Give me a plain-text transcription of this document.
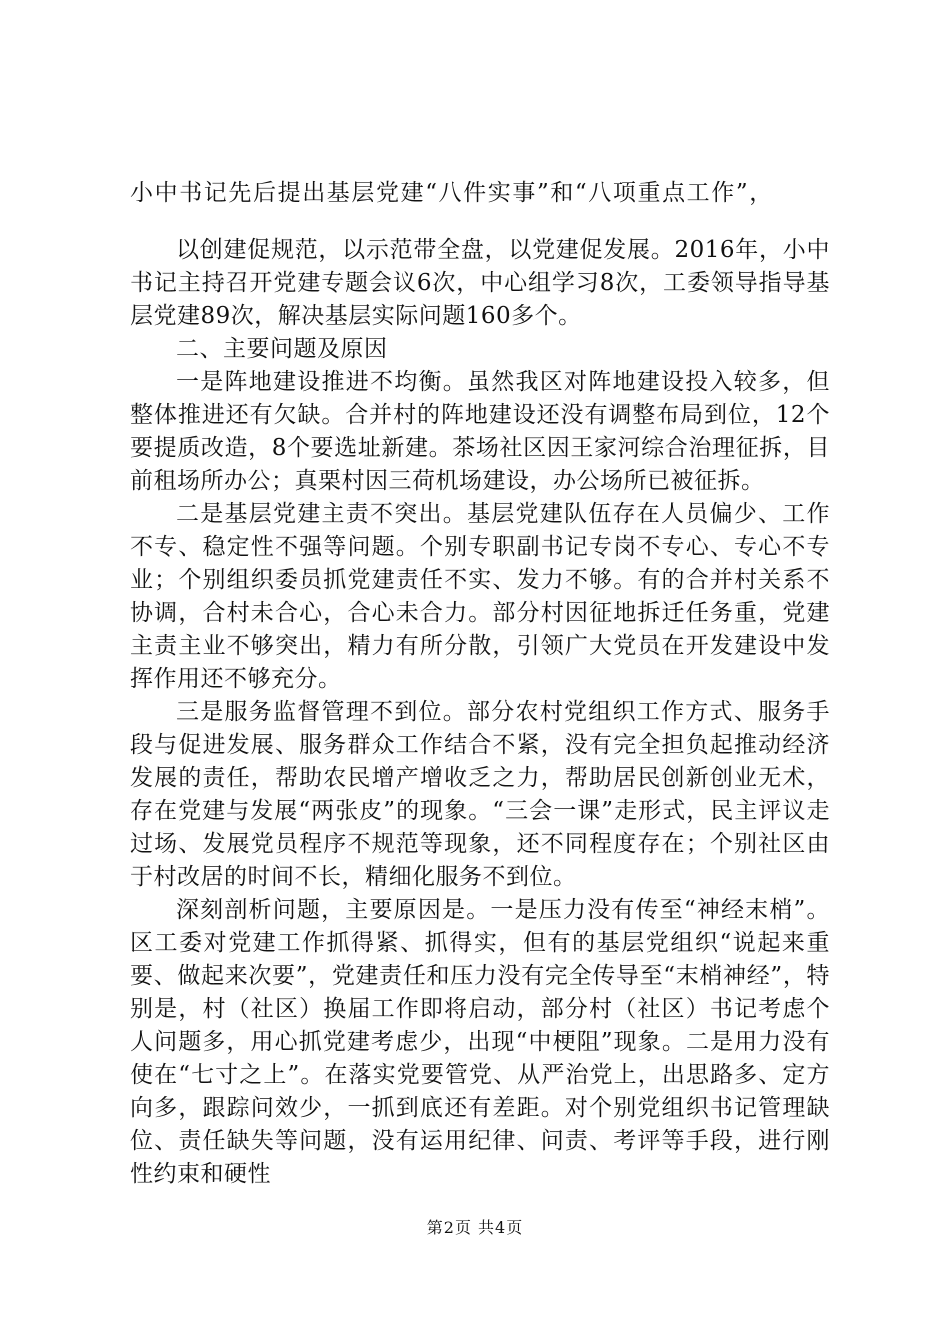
小中书记先后提出基层党建“八件实事”和“八项重点工作”，

以创建促规范，以示范带全盘，以党建促发展。2016年，小中书记主持召开党建专题会议6次，中心组学习8次，工委领导指导基层党建89次，解决基层实际问题160多个。

二、主要问题及原因

一是阵地建设推进不均衡。虽然我区对阵地建设投入较多，但整体推进还有欠缺。合并村的阵地建设还没有调整布局到位，12个要提质改造，8个要选址新建。茶场社区因王家河综合治理征拆，目前租场所办公；真栗村因三荷机场建设，办公场所已被征拆。

二是基层党建主责不突出。基层党建队伍存在人员偏少、工作不专、稳定性不强等问题。个别专职副书记专岗不专心、专心不专业；个别组织委员抓党建责任不实、发力不够。有的合并村关系不协调，合村未合心，合心未合力。部分村因征地拆迁任务重，党建主责主业不够突出，精力有所分散，引领广大党员在开发建设中发挥作用还不够充分。

三是服务监督管理不到位。部分农村党组织工作方式、服务手段与促进发展、服务群众工作结合不紧，没有完全担负起推动经济发展的责任，帮助农民增产增收乏之力，帮助居民创新创业无术，存在党建与发展“两张皮”的现象。“三会一课”走形式，民主评议走过场、发展党员程序不规范等现象，还不同程度存在；个别社区由于村改居的时间不长，精细化服务不到位。

深刻剖析问题，主要原因是。一是压力没有传至“神经末梢”。区工委对党建工作抓得紧、抓得实，但有的基层党组织“说起来重要、做起来次要”，党建责任和压力没有完全传导至“末梢神经”，特别是，村（社区）换届工作即将启动，部分村（社区）书记考虑个人问题多，用心抓党建考虑少，出现“中梗阻”现象。二是用力没有使在“七寸之上”。在落实党要管党、从严治党上，出思路多、定方向多，跟踪问效少，一抓到底还有差距。对个别党组织书记管理缺位、责任缺失等问题，没有运用纪律、问责、考评等手段，进行刚性约束和硬性

第2页 共4页
